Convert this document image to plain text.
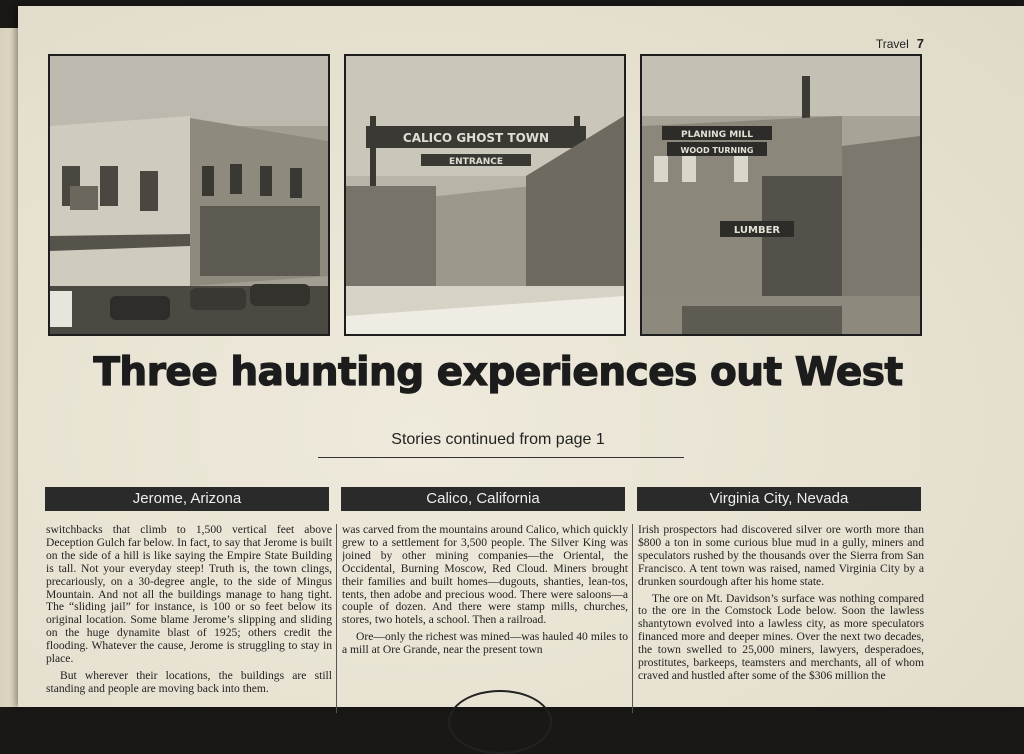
Travel 7
CALICO GHOST TOWN
ENTRANCE
PLANING MILL
WOOD TURNING
LUMBER
Three haunting experiences out West
Stories continued from page 1
Jerome, Arizona	Calico, California	Virginia City, Nevada

switchbacks that climb to 1,500 vertical feet above Deception Gulch far below. In fact, to say that Jerome is built on the side of a hill is like saying the Empire State Building is tall. Not your everyday steep! Truth is, the town clings, precariously, on a 30-degree angle, to the side of Mingus Mountain. And not all the buildings manage to hang tight. The “sliding jail” for instance, is 100 or so feet below its original location. Some blame Jerome’s slipping and sliding on the huge dynamite blast of 1925; others credit the flooding. Whatever the cause, Jerome is struggling to stay in place.

But wherever their locations, the buildings are still standing and people are moving back into them.

was carved from the mountains around Calico, which quickly grew to a settlement for 3,500 people. The Silver King was joined by other mining companies—the Oriental, the Occidental, Burning Moscow, Red Cloud. Miners brought their families and built homes—dugouts, shanties, lean-tos, tents, then adobe and precious wood. There were saloons—a couple of dozen. And there were stamp mills, churches, stores, two hotels, a school. Then a railroad.

Ore—only the richest was mined—was hauled 40 miles to a mill at Ore Grande, near the present town

Irish prospectors had discovered silver ore worth more than $800 a ton in some curious blue mud in a gully, miners and speculators rushed by the thousands over the Sierra from San Francisco. A tent town was raised, named Virginia City by a drunken sourdough after his home state.

The ore on Mt. Davidson’s surface was nothing compared to the ore in the Comstock Lode below. Soon the lawless shantytown evolved into a lawless city, as more speculators financed more and deeper mines. Over the next two decades, the town swelled to 25,000 miners, lawyers, desperadoes, prostitutes, barkeeps, teamsters and merchants, all of whom craved and hustled after some of the $306 million the
